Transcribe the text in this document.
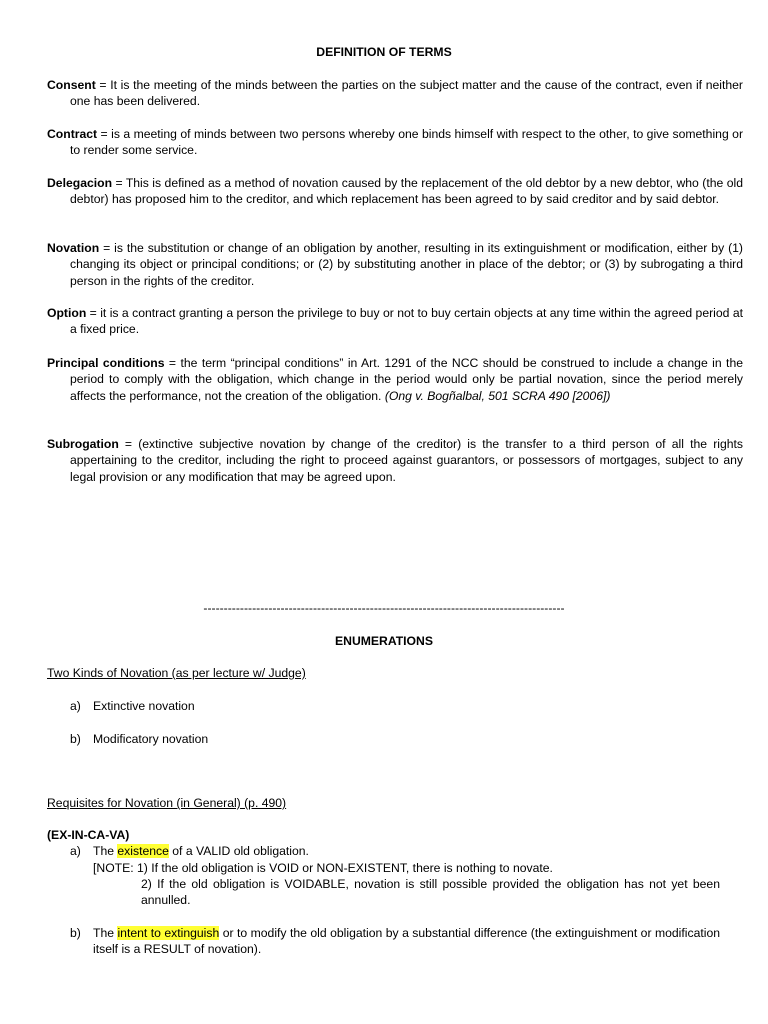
DEFINITION OF TERMS
Consent = It is the meeting of the minds between the parties on the subject matter and the cause of the contract, even if neither one has been delivered.
Contract = is a meeting of minds between two persons whereby one binds himself with respect to the other, to give something or to render some service.
Delegacion = This is defined as a method of novation caused by the replacement of the old debtor by a new debtor, who (the old debtor) has proposed him to the creditor, and which replacement has been agreed to by said creditor and by said debtor.
Novation = is the substitution or change of an obligation by another, resulting in its extinguishment or modification, either by (1) changing its object or principal conditions; or (2) by substituting another in place of the debtor; or (3) by subrogating a third person in the rights of the creditor.
Option = it is a contract granting a person the privilege to buy or not to buy certain objects at any time within the agreed period at a fixed price.
Principal conditions = the term “principal conditions” in Art. 1291 of the NCC should be construed to include a change in the period to comply with the obligation, which change in the period would only be partial novation, since the period merely affects the performance, not the creation of the obligation. (Ong v. Bogñalbal, 501 SCRA 490 [2006])
Subrogation = (extinctive subjective novation by change of the creditor) is the transfer to a third person of all the rights appertaining to the creditor, including the right to proceed against guarantors, or possessors of mortgages, subject to any legal provision or any modification that may be agreed upon.
-----------------------------------------------------------------------------------------
ENUMERATIONS
Two Kinds of Novation (as per lecture w/ Judge)
a) Extinctive novation
b) Modificatory novation
Requisites for Novation (in General) (p. 490)
(EX-IN-CA-VA)
a) The existence of a VALID old obligation.
[NOTE: 1) If the old obligation is VOID or NON-EXISTENT, there is nothing to novate.
2) If the old obligation is VOIDABLE, novation is still possible provided the obligation has not yet been annulled.
b) The intent to extinguish or to modify the old obligation by a substantial difference (the extinguishment or modification itself is a RESULT of novation).
